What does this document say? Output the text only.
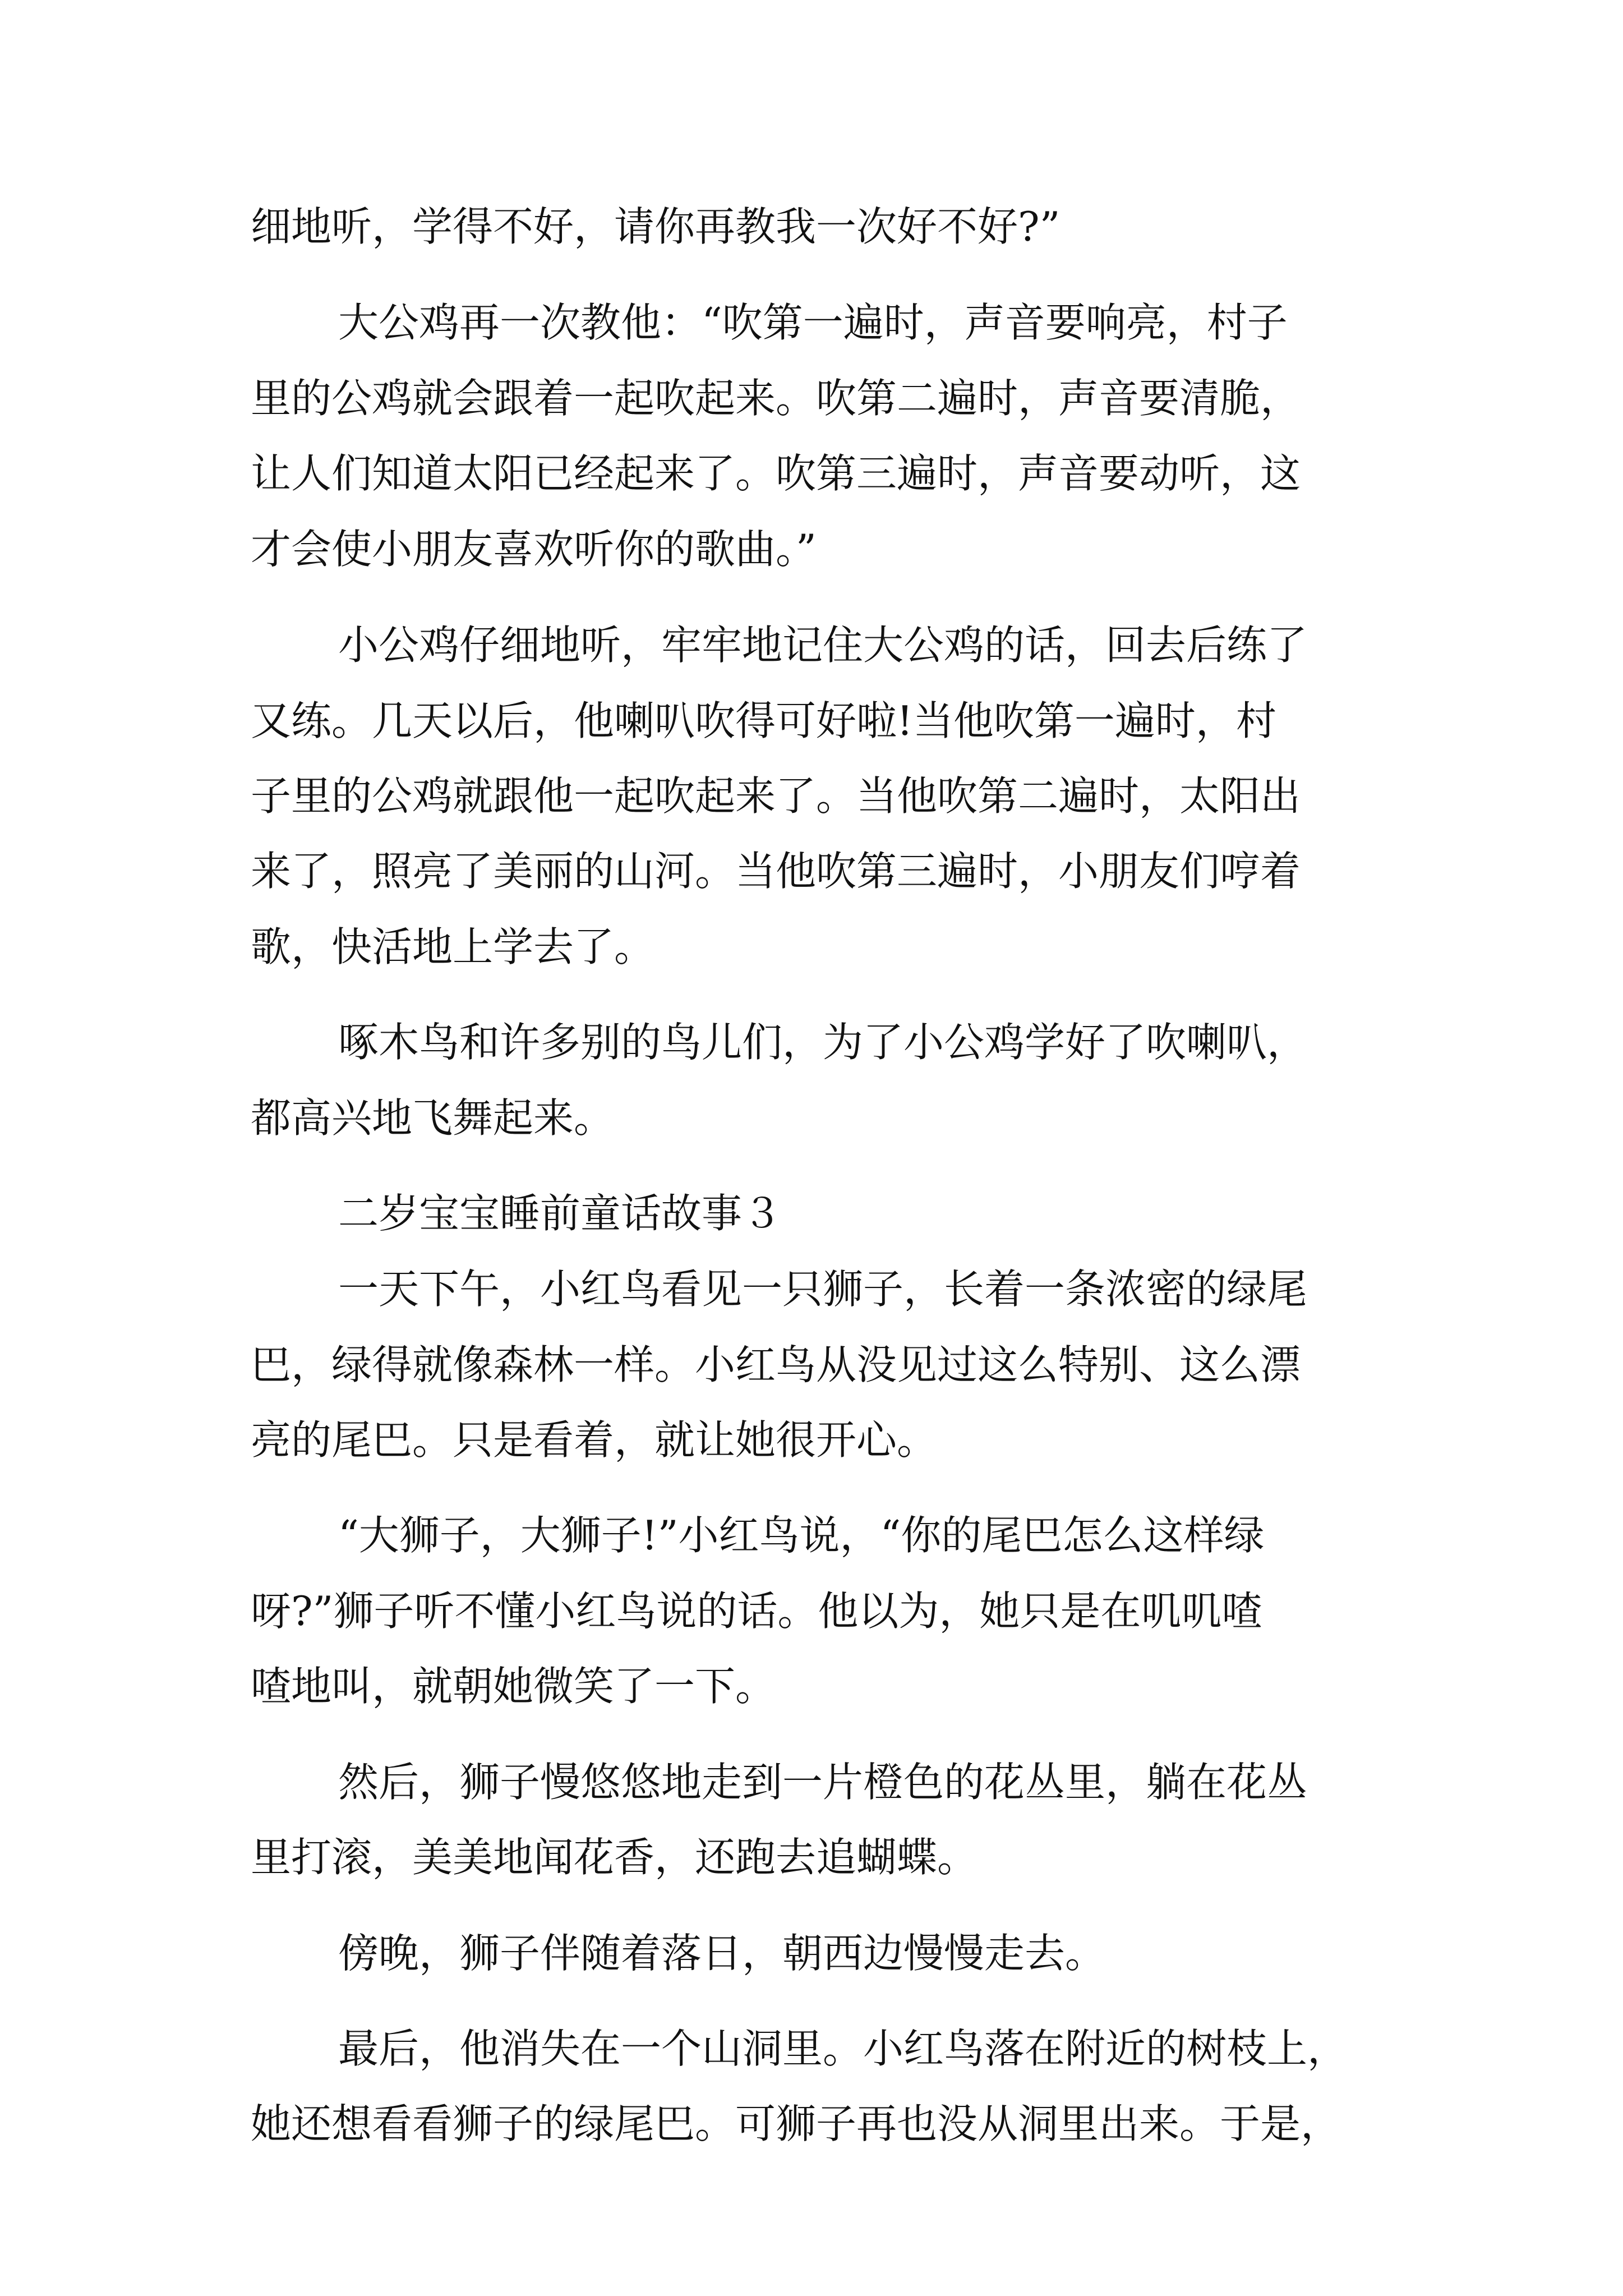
细地听，学得不好，请你再教我一次好不好?”

大公鸡再一次教他：“吹第一遍时，声音要响亮，村子

里的公鸡就会跟着一起吹起来。吹第二遍时，声音要清脆，

让人们知道太阳已经起来了。吹第三遍时，声音要动听，这

才会使小朋友喜欢听你的歌曲。”

小公鸡仔细地听，牢牢地记住大公鸡的话，回去后练了

又练。几天以后，他喇叭吹得可好啦!当他吹第一遍时，村

子里的公鸡就跟他一起吹起来了。当他吹第二遍时，太阳出

来了，照亮了美丽的山河。当他吹第三遍时，小朋友们哼着

歌，快活地上学去了。

啄木鸟和许多别的鸟儿们，为了小公鸡学好了吹喇叭，

都高兴地飞舞起来。

二岁宝宝睡前童话故事３

一天下午，小红鸟看见一只狮子，长着一条浓密的绿尾

巴，绿得就像森林一样。小红鸟从没见过这么特别、这么漂

亮的尾巴。只是看着，就让她很开心。

“大狮子，大狮子!”小红鸟说，“你的尾巴怎么这样绿

呀?”狮子听不懂小红鸟说的话。他以为，她只是在叽叽喳

喳地叫，就朝她微笑了一下。

然后，狮子慢悠悠地走到一片橙色的花丛里，躺在花丛

里打滚，美美地闻花香，还跑去追蝴蝶。

傍晚，狮子伴随着落日，朝西边慢慢走去。

最后，他消失在一个山洞里。小红鸟落在附近的树枝上，

她还想看看狮子的绿尾巴。可狮子再也没从洞里出来。于是，
